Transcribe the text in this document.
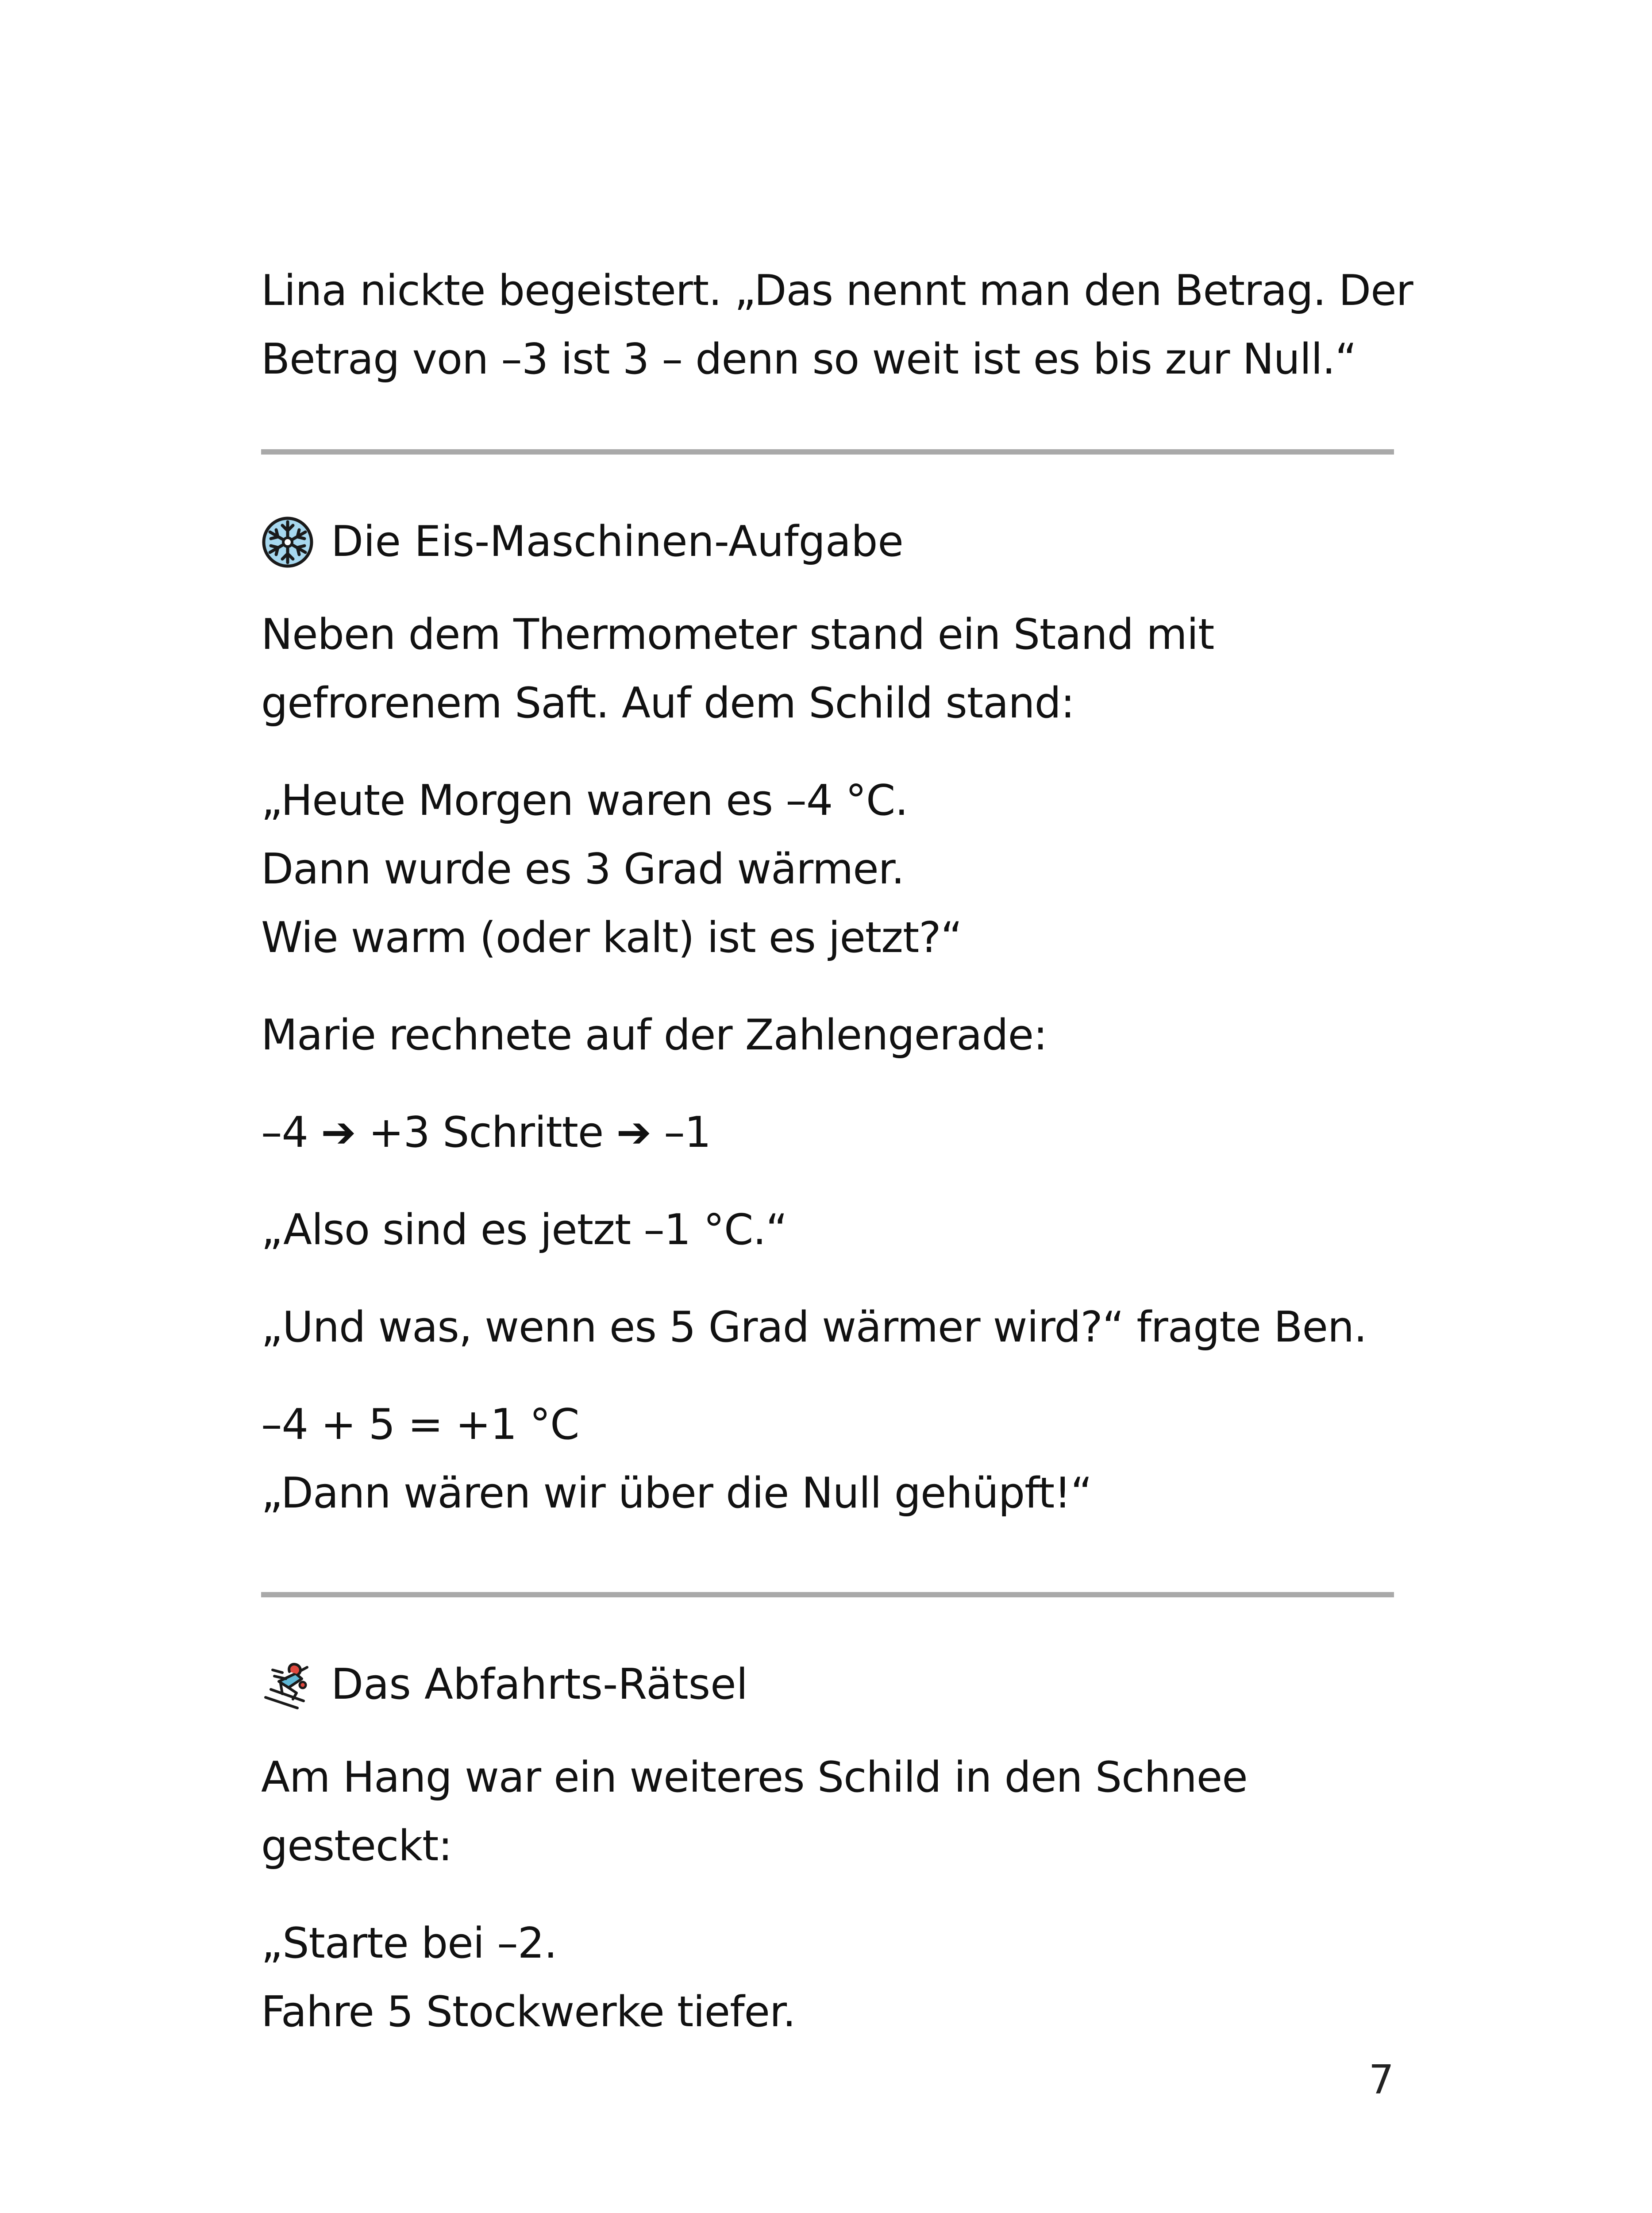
Lina nickte begeistert. „Das nennt man den Betrag. Der
Betrag von –3 ist 3 – denn so weit ist es bis zur Null.“

Die Eis-Maschinen-Aufgabe

Neben dem Thermometer stand ein Stand mit
gefrorenem Saft. Auf dem Schild stand:

„Heute Morgen waren es –4 °C.
Dann wurde es 3 Grad wärmer.
Wie warm (oder kalt) ist es jetzt?“

Marie rechnete auf der Zahlengerade:

–4 ➔ +3 Schritte ➔ –1

„Also sind es jetzt –1 °C.“

„Und was, wenn es 5 Grad wärmer wird?“ fragte Ben.

–4 + 5 = +1 °C
„Dann wären wir über die Null gehüpft!“

Das Abfahrts-Rätsel

Am Hang war ein weiteres Schild in den Schnee gesteckt:

„Starte bei –2.
Fahre 5 Stockwerke tiefer.

7
